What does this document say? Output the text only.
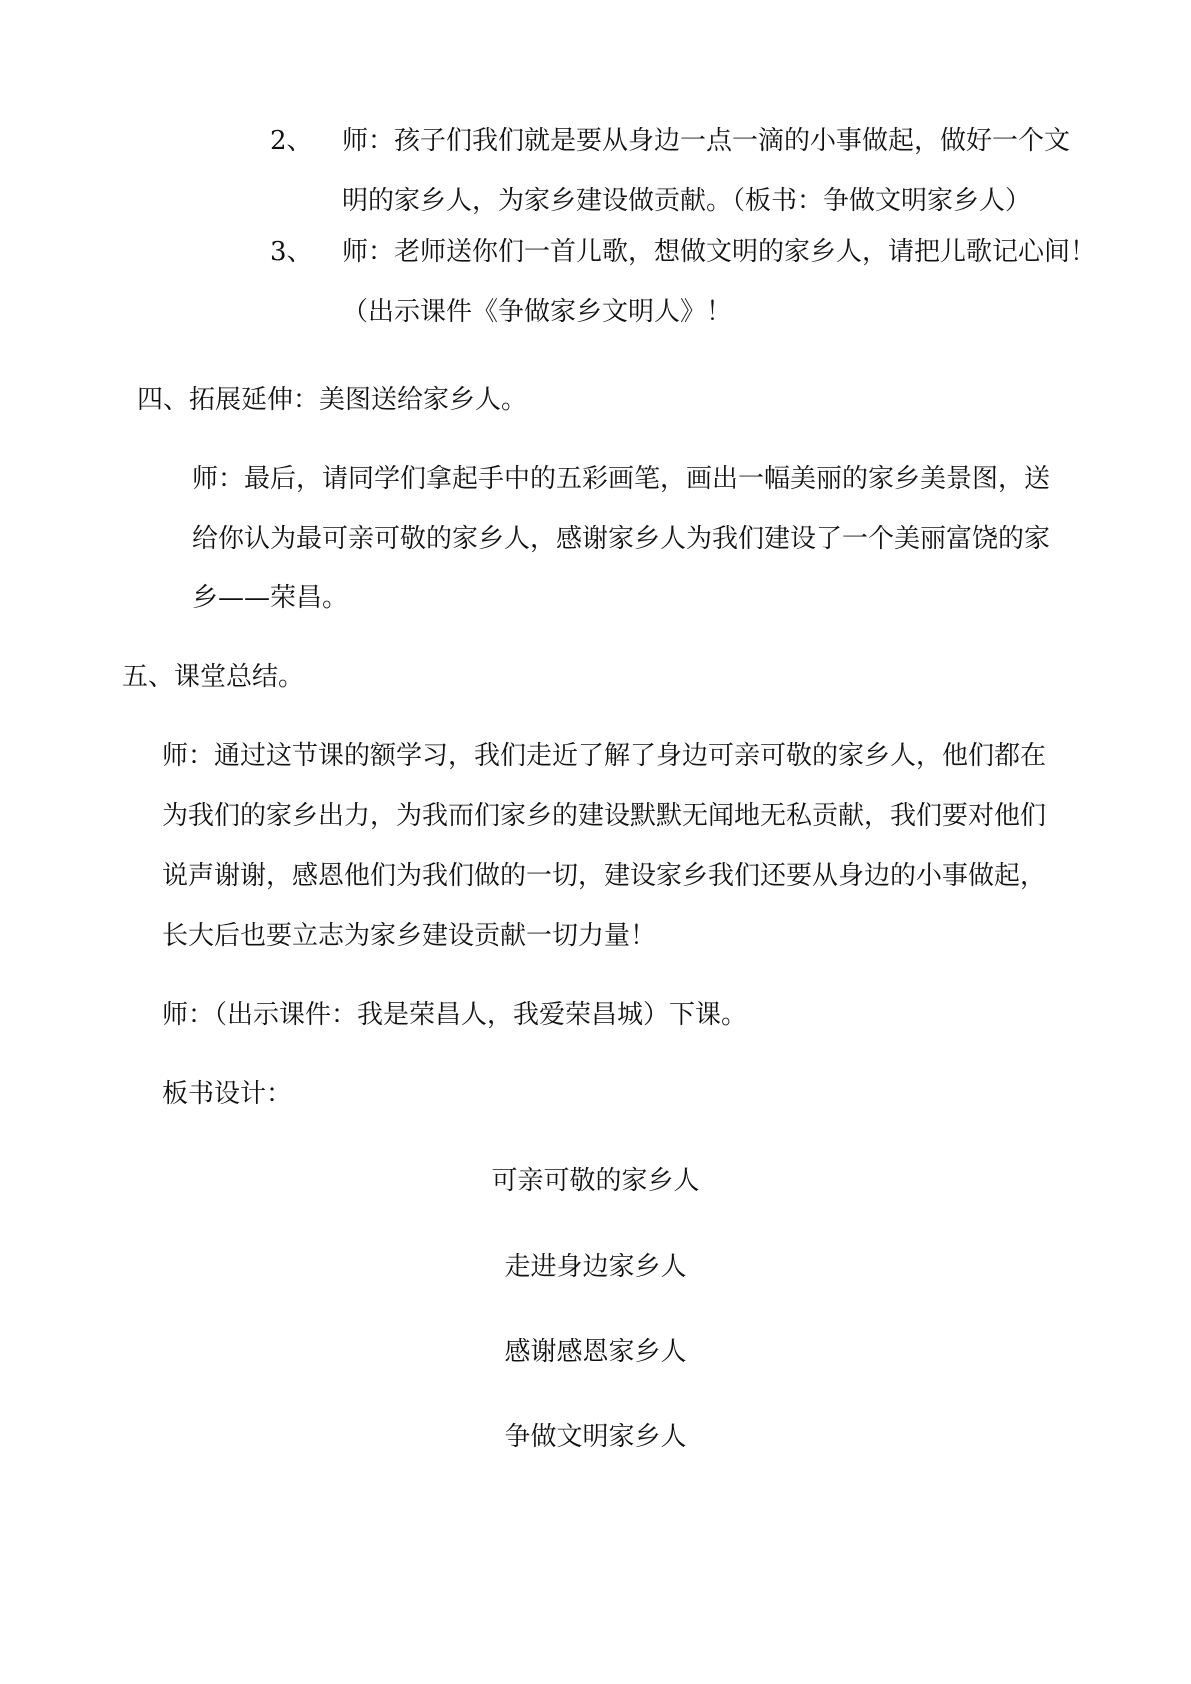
2、 师：孩子们我们就是要从身边一点一滴的小事做起，做好一个文
明的家乡人，为家乡建设做贡献。（板书：争做文明家乡人）
3、 师：老师送你们一首儿歌，想做文明的家乡人，请把儿歌记心间！
（出示课件《争做家乡文明人》！
四、拓展延伸：美图送给家乡人。
师：最后，请同学们拿起手中的五彩画笔，画出一幅美丽的家乡美景图，送
给你认为最可亲可敬的家乡人，感谢家乡人为我们建设了一个美丽富饶的家
乡——荣昌。
五、课堂总结。
师：通过这节课的额学习，我们走近了解了身边可亲可敬的家乡人，他们都在
为我们的家乡出力，为我而们家乡的建设默默无闻地无私贡献，我们要对他们
说声谢谢，感恩他们为我们做的一切，建设家乡我们还要从身边的小事做起，
长大后也要立志为家乡建设贡献一切力量！
师：（出示课件：我是荣昌人，我爱荣昌城）下课。
板书设计：
可亲可敬的家乡人
走进身边家乡人
感谢感恩家乡人
争做文明家乡人
